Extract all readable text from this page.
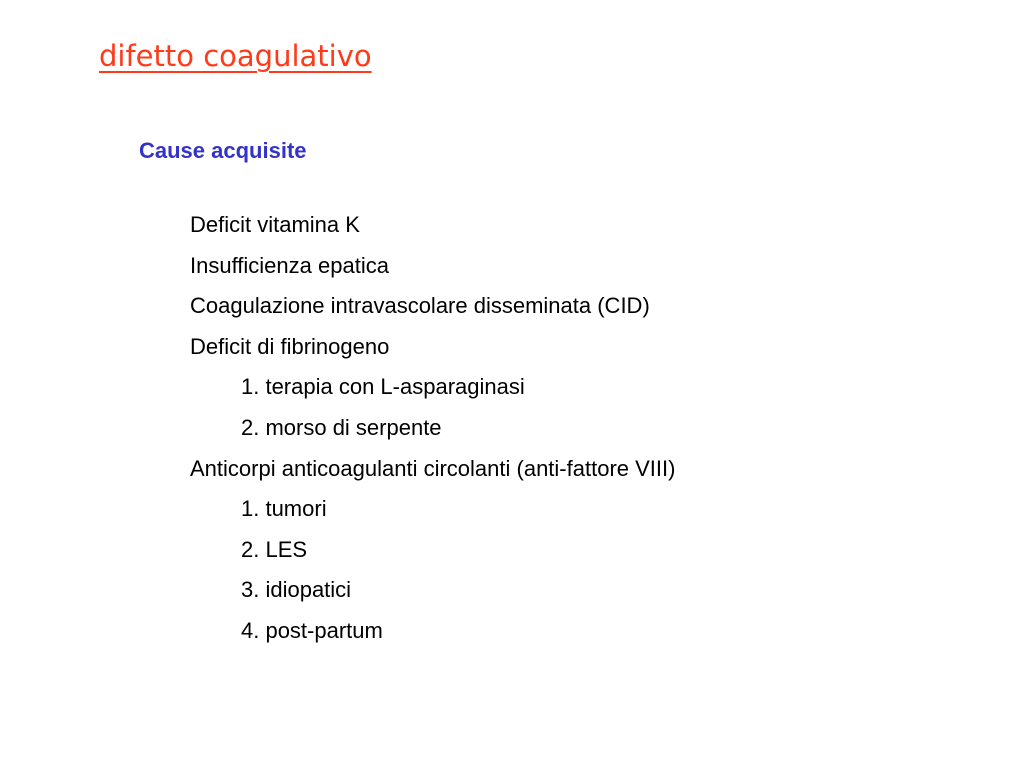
difetto coagulativo
Cause acquisite
Deficit vitamina K
Insufficienza epatica
Coagulazione intravascolare disseminata (CID)
Deficit di fibrinogeno
1. terapia con L-asparaginasi
2. morso di serpente
Anticorpi anticoagulanti circolanti (anti-fattore VIII)
1. tumori
2. LES
3. idiopatici
4. post-partum
